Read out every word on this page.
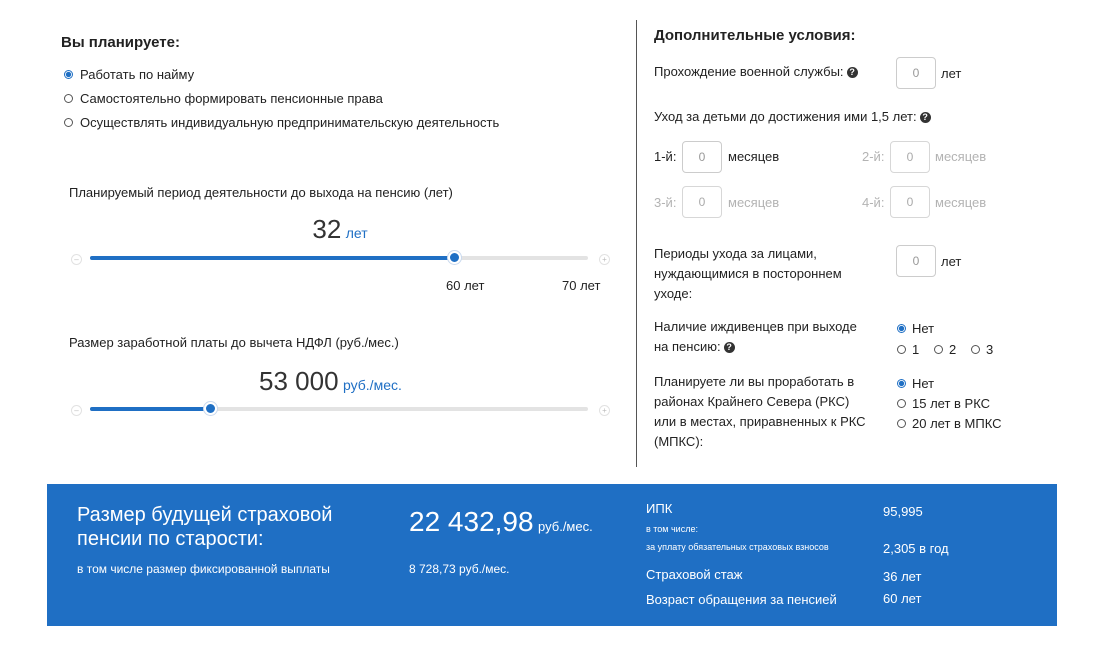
Вы планируете:
Работать по найму
Самостоятельно формировать пенсионные права
Осуществлять индивидуальную предпринимательскую деятельность
Планируемый период деятельности до выхода на пенсию (лет)
32 лет
–	+
60 лет	70 лет
Размер заработной платы до вычета НДФЛ (руб./мес.)
53 000 руб./мес.
–	+
Дополнительные условия:
Прохождение военной службы: ?	0	лет
Уход за детьми до достижения ими 1,5 лет: ?
1-й:	0	месяцев	2-й:	0	месяцев
3-й:	0	месяцев	4-й:	0	месяцев
Периоды ухода за лицами,
нуждающимися в постороннем
уходе:
0	лет
Наличие иждивенцев при выходе
на пенсию: ?
Нет
1 2 3
Планируете ли вы проработать в
районах Крайнего Севера (РКС)
или в местах, приравненных к РКС
(МПКС):
Нет
15 лет в РКС
20 лет в МПКС
Размер будущей страховой
пенсии по старости:
в том числе размер фиксированной выплаты
22 432,98 руб./мес.
8 728,73 руб./мес.
ИПК	95,995
в том числе:
за уплату обязательных страховых взносов	2,305 в год
Страховой стаж	36 лет
Возраст обращения за пенсией	60 лет
